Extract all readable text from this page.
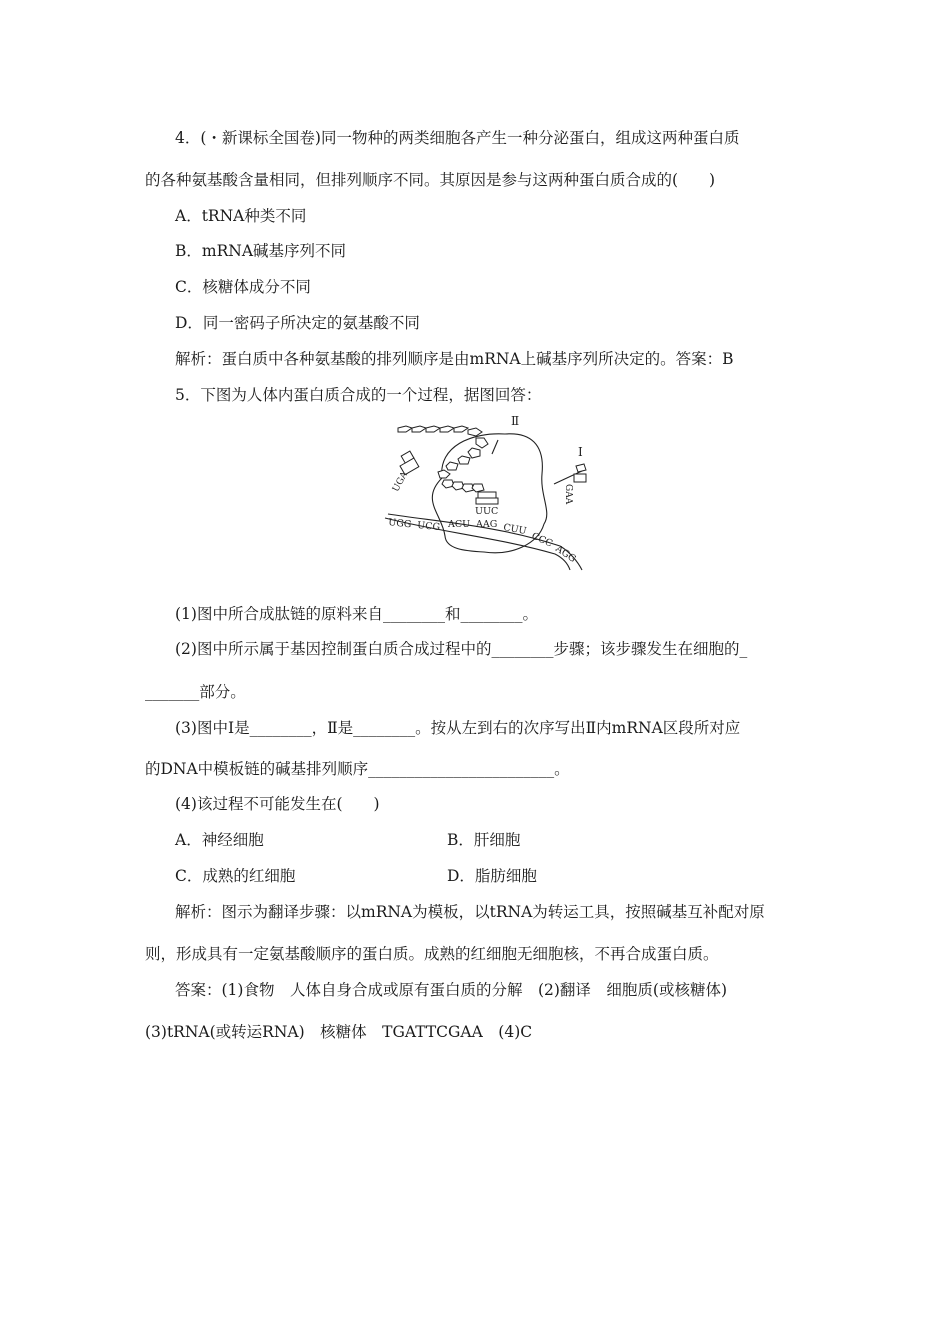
4．(・新课标全国卷)同一物种的两类细胞各产生一种分泌蛋白，组成这两种蛋白质
的各种氨基酸含量相同，但排列顺序不同。其原因是参与这两种蛋白质合成的(　　)
A．tRNA种类不同
B．mRNA碱基序列不同
C．核糖体成分不同
D．同一密码子所决定的氨基酸不同
解析：蛋白质中各种氨基酸的排列顺序是由mRNA上碱基序列所决定的。答案：B
5．下图为人体内蛋白质合成的一个过程，据图回答：
Ⅱ
Ⅰ
UGA
UUC
GAA
UGG UCG ACU AAG CUU
CCC
AGG
(1)图中所合成肽链的原料来自________和________。
(2)图中所示属于基因控制蛋白质合成过程中的________步骤；该步骤发生在细胞的_
_______部分。
(3)图中Ⅰ是________，Ⅱ是________。按从左到右的次序写出Ⅱ内mRNA区段所对应
的DNA中模板链的碱基排列顺序________________________。
(4)该过程不可能发生在(　　)
A．神经细胞	B．肝细胞
C．成熟的红细胞	D．脂肪细胞
解析：图示为翻译步骤：以mRNA为模板，以tRNA为转运工具，按照碱基互补配对原
则，形成具有一定氨基酸顺序的蛋白质。成熟的红细胞无细胞核，不再合成蛋白质。
答案：(1)食物　人体自身合成或原有蛋白质的分解　(2)翻译　细胞质(或核糖体)
(3)tRNA(或转运RNA)　核糖体　TGATTCGAA　(4)C
